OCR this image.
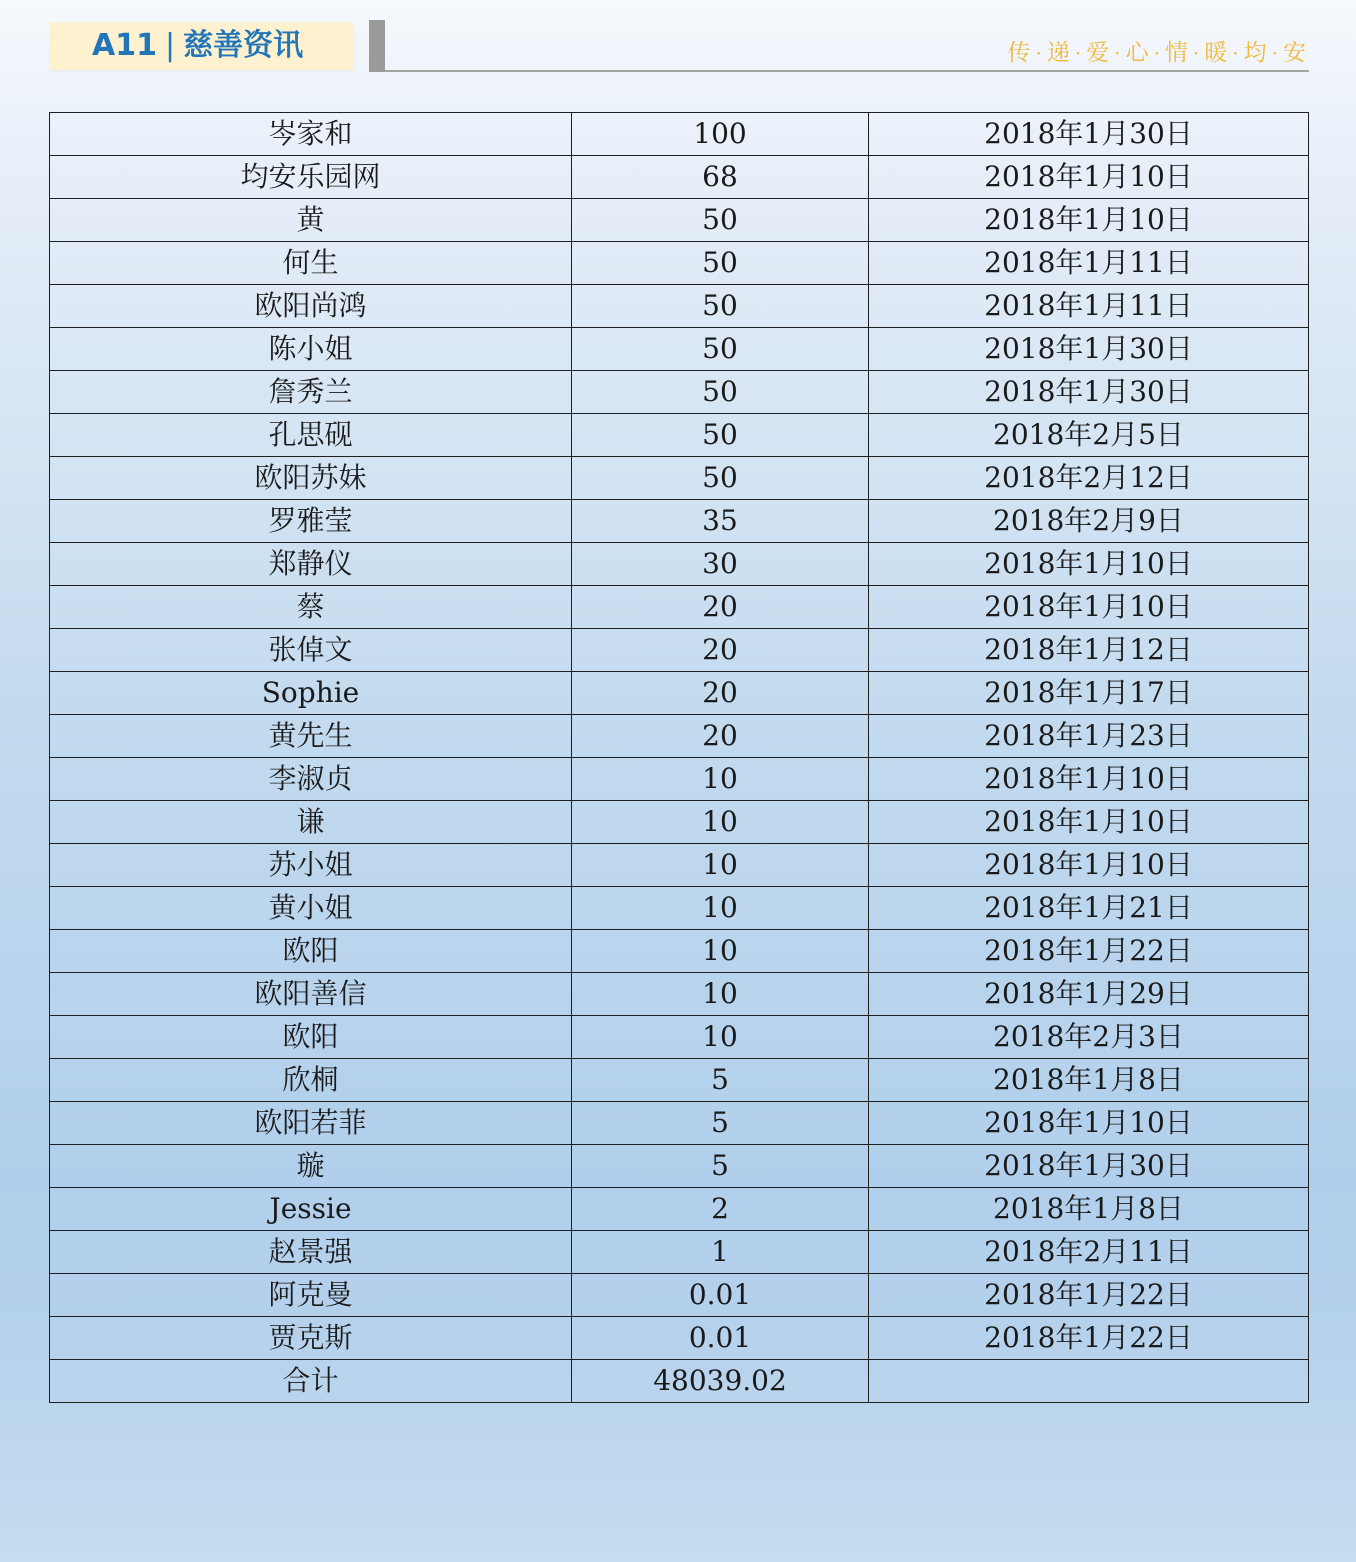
A11 | 慈善资讯	传 · 递 · 爱 · 心 · 情 · 暖 · 均 · 安
岑家和	100	2018年1月30日
均安乐园网	68	2018年1月10日
黄	50	2018年1月10日
何生	50	2018年1月11日
欧阳尚鸿	50	2018年1月11日
陈小姐	50	2018年1月30日
詹秀兰	50	2018年1月30日
孔思砚	50	2018年2月5日
欧阳苏妹	50	2018年2月12日
罗雅莹	35	2018年2月9日
郑静仪	30	2018年1月10日
蔡	20	2018年1月10日
张倬文	20	2018年1月12日
Sophie	20	2018年1月17日
黄先生	20	2018年1月23日
李淑贞	10	2018年1月10日
谦	10	2018年1月10日
苏小姐	10	2018年1月10日
黄小姐	10	2018年1月21日
欧阳	10	2018年1月22日
欧阳善信	10	2018年1月29日
欧阳	10	2018年2月3日
欣桐	5	2018年1月8日
欧阳若菲	5	2018年1月10日
璇	5	2018年1月30日
Jessie	2	2018年1月8日
赵景强	1	2018年2月11日
阿克曼	0.01	2018年1月22日
贾克斯	0.01	2018年1月22日
合计	48039.02	
